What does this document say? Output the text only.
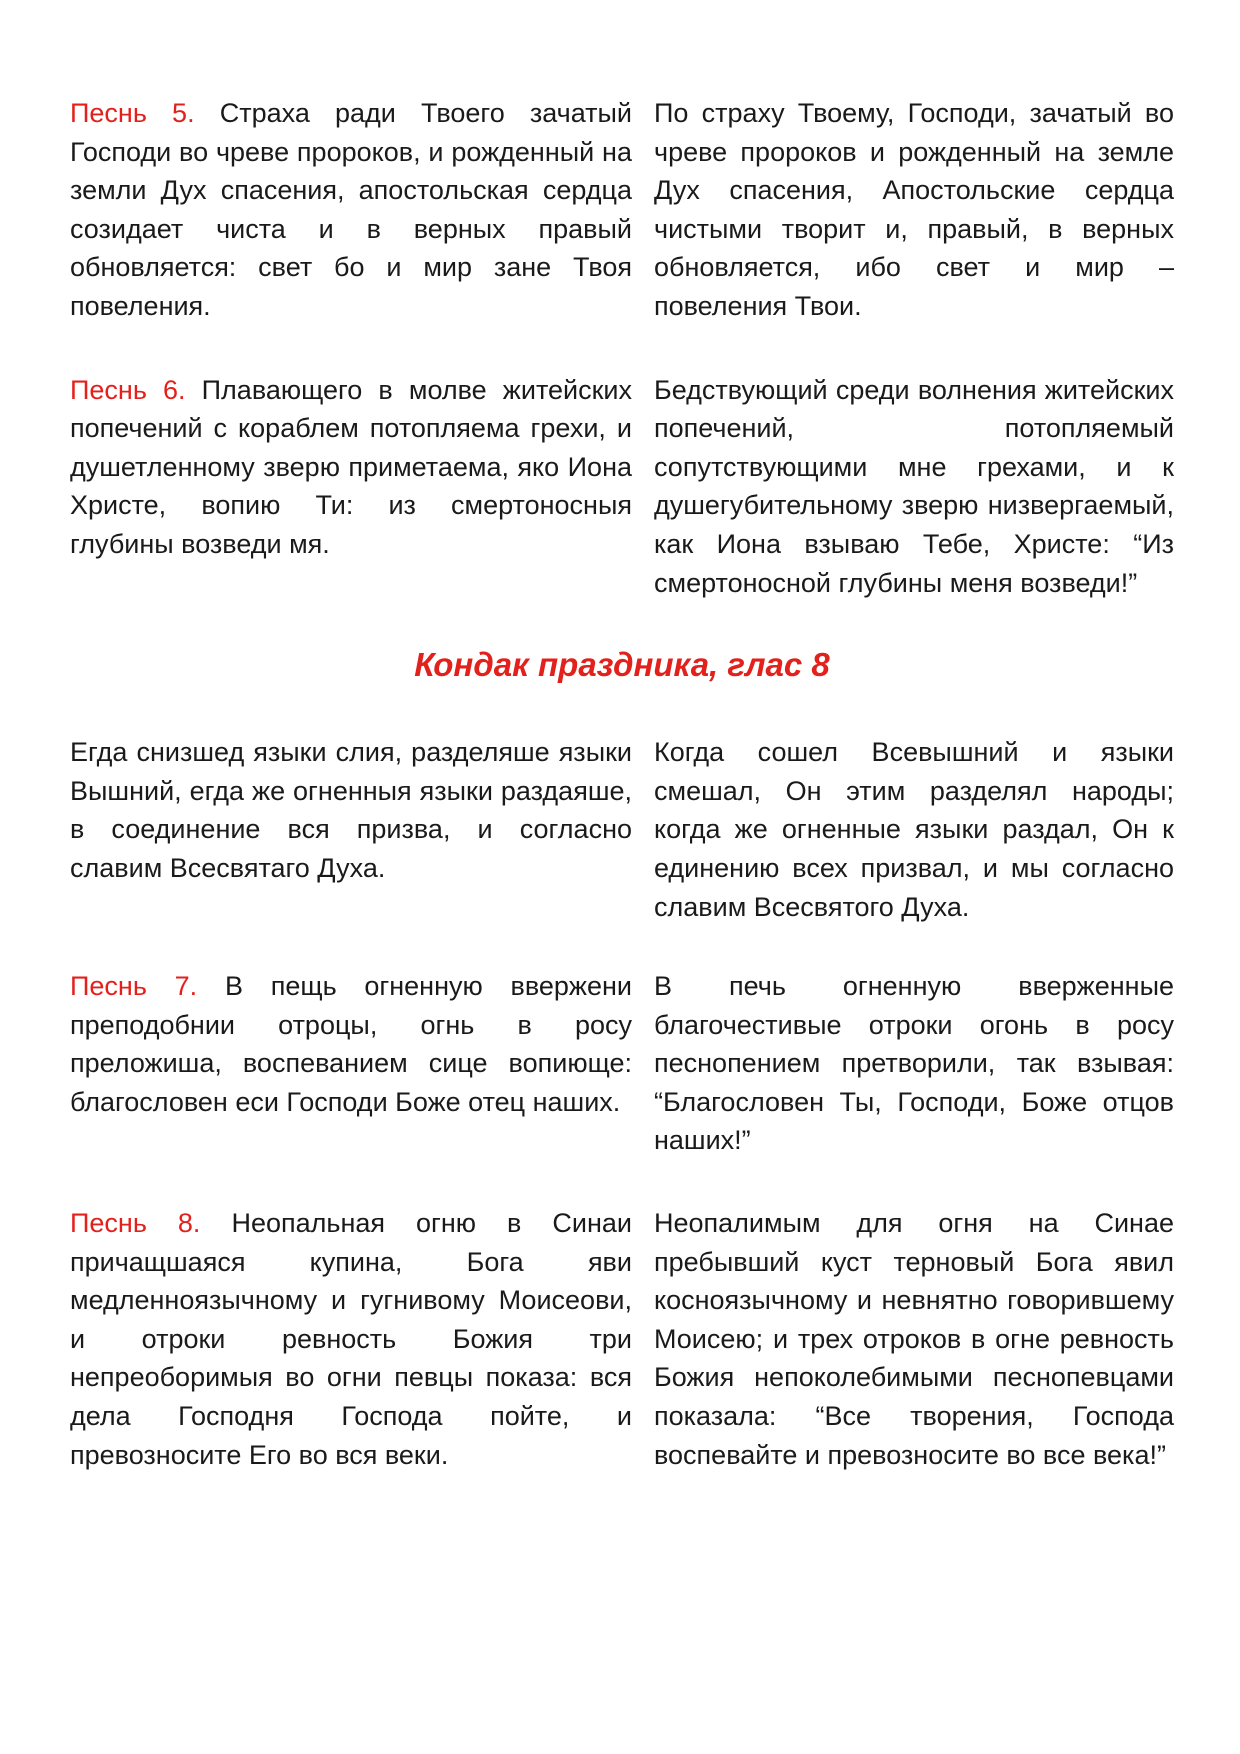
Песнь 5. Страха ради Твоего зачатый Господи во чреве пророков, и рожденный на земли Дух спасения, апостольская сердца созидает чиста и в верных правый обновляется: свет бо и мир зане Твоя повеления.
По страху Твоему, Господи, зачатый во чреве пророков и рожденный на земле Дух спасения, Апостольские сердца чистыми творит и, правый, в верных обновляется, ибо свет и мир – повеления Твои.
Песнь 6. Плавающего в молве житейских попечений с кораблем потопляема грехи, и душетленному зверю приметаема, яко Иона Христе, вопию Ти: из смертоносныя глубины возведи мя.
Бедствующий среди волнения житейских попечений, потопляемый сопутствующими мне грехами, и к душегубительному зверю низвергаемый, как Иона взываю Тебе, Христе: “Из смертоносной глубины меня возведи!”
Кондак праздника, глас 8
Егда снизшед языки слия, разделяше языки Вышний, егда же огненныя языки раздаяше, в соединение вся призва, и согласно славим Всесвятаго Духа.
Когда сошел Всевышний и языки смешал, Он этим разделял народы; когда же огненные языки раздал, Он к единению всех призвал, и мы согласно славим Всесвятого Духа.
Песнь 7. В пещь огненную ввержени преподобнии отроцы, огнь в росу преложиша, воспеванием сице вопиюще: благословен еси Господи Боже отец наших.
В печь огненную вверженные благочестивые отроки огонь в росу песнопением претворили, так взывая: “Благословен Ты, Господи, Боже отцов наших!”
Песнь 8. Неопальная огню в Синаи причащшаяся купина, Бога яви медленноязычному и гугнивому Моисеови, и отроки ревность Божия три непреоборимыя во огни певцы показа: вся дела Господня Господа пойте, и превозносите Его во вся веки.
Неопалимым для огня на Синае пребывший куст терновый Бога явил косноязычному и невнятно говорившему Моисею; и трех отроков в огне ревность Божия непоколебимыми песнопевцами показала: “Все творения, Господа воспевайте и превозносите во все века!”
